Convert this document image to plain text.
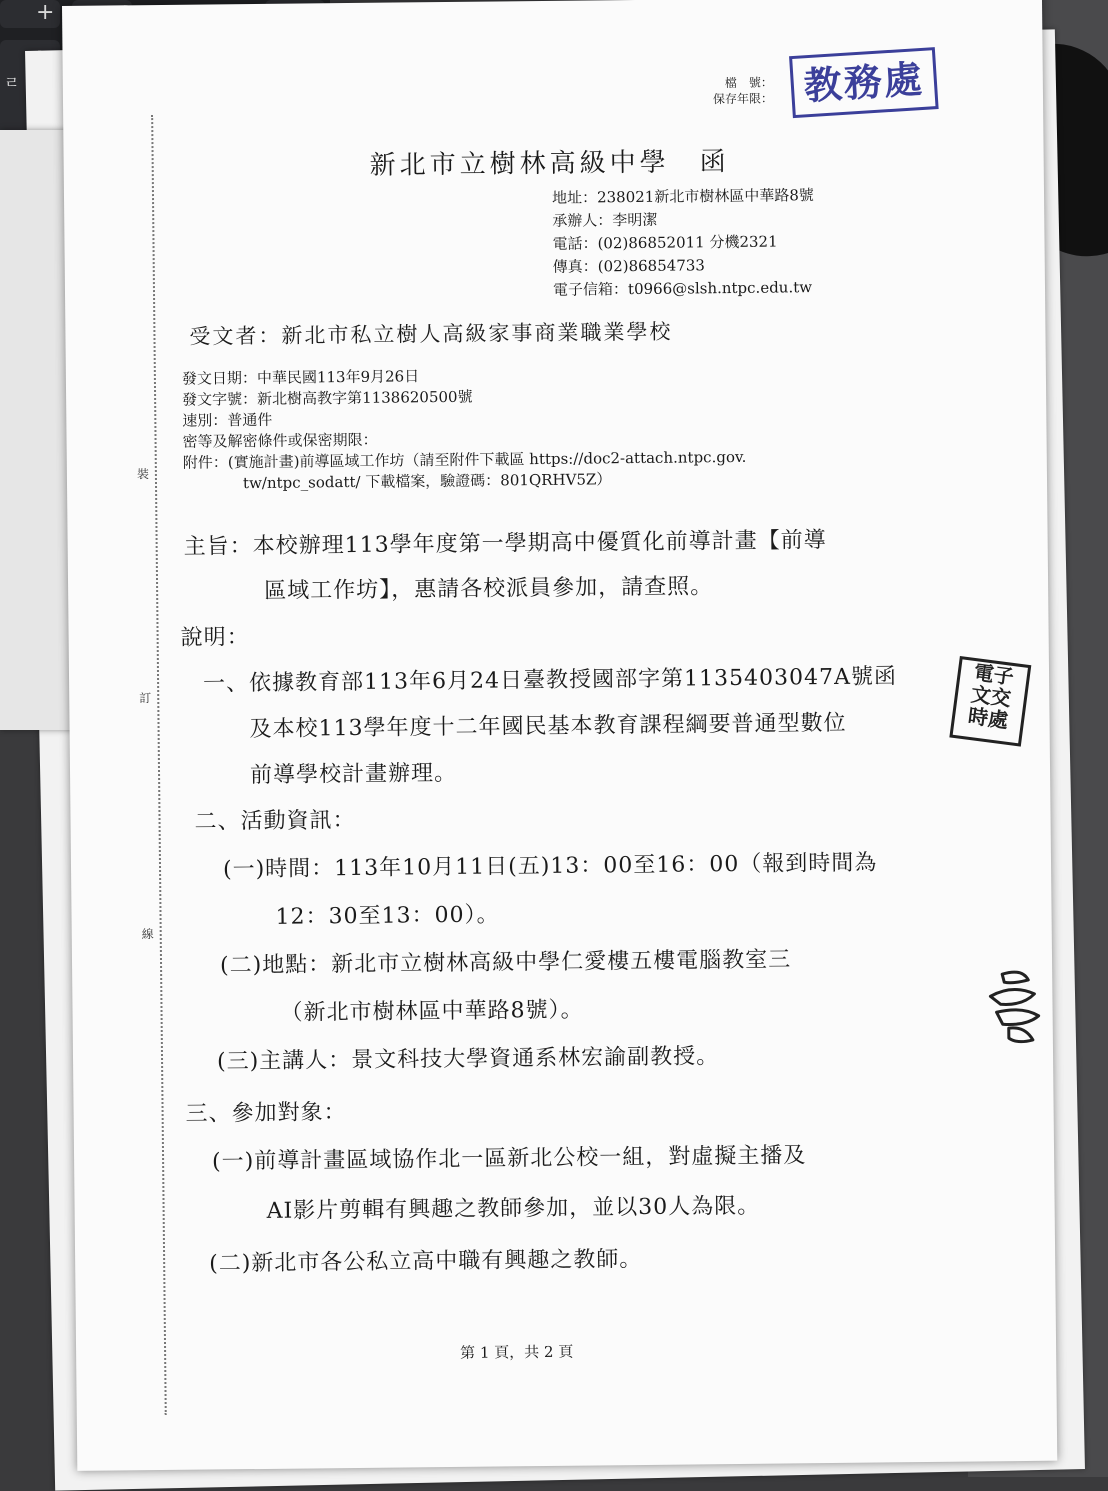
+
ㄹ
裝
訂
線
檔　號：
保存年限： 教務處
新北市立樹林高級中學　函
地址：238021新北市樹林區中華路8號
承辦人：李明潔
電話：(02)86852011 分機2321
傳真：(02)86854733
電子信箱：t0966@slsh.ntpc.edu.tw
受文者：新北市私立樹人高級家事商業職業學校
發文日期：中華民國113年9月26日
發文字號：新北樹高教字第1138620500號
速別：普通件
密等及解密條件或保密期限：
附件：(實施計畫)前導區域工作坊（請至附件下載區 https://doc2-attach.ntpc.gov.
tw/ntpc_sodatt/ 下載檔案，驗證碼：801QRHV5Z）
主旨：本校辦理113學年度第一學期高中優質化前導計畫【前導
區域工作坊】，惠請各校派員參加，請查照。
說明：
一、依據教育部113年6月24日臺教授國部字第1135403047A號函
及本校113學年度十二年國民基本教育課程綱要普通型數位
前導學校計畫辦理。
二、活動資訊：
(一)時間：113年10月11日(五)13：00至16：00（報到時間為
12：30至13：00）。
(二)地點：新北市立樹林高級中學仁愛樓五樓電腦教室三
（新北市樹林區中華路8號）。
(三)主講人：景文科技大學資通系林宏諭副教授。
三、參加對象：
(一)前導計畫區域協作北一區新北公校一組，對虛擬主播及
AI影片剪輯有興趣之教師參加，並以30人為限。
(二)新北市各公私立高中職有興趣之教師。
電子
文交
時處
第 1 頁，共 2 頁
